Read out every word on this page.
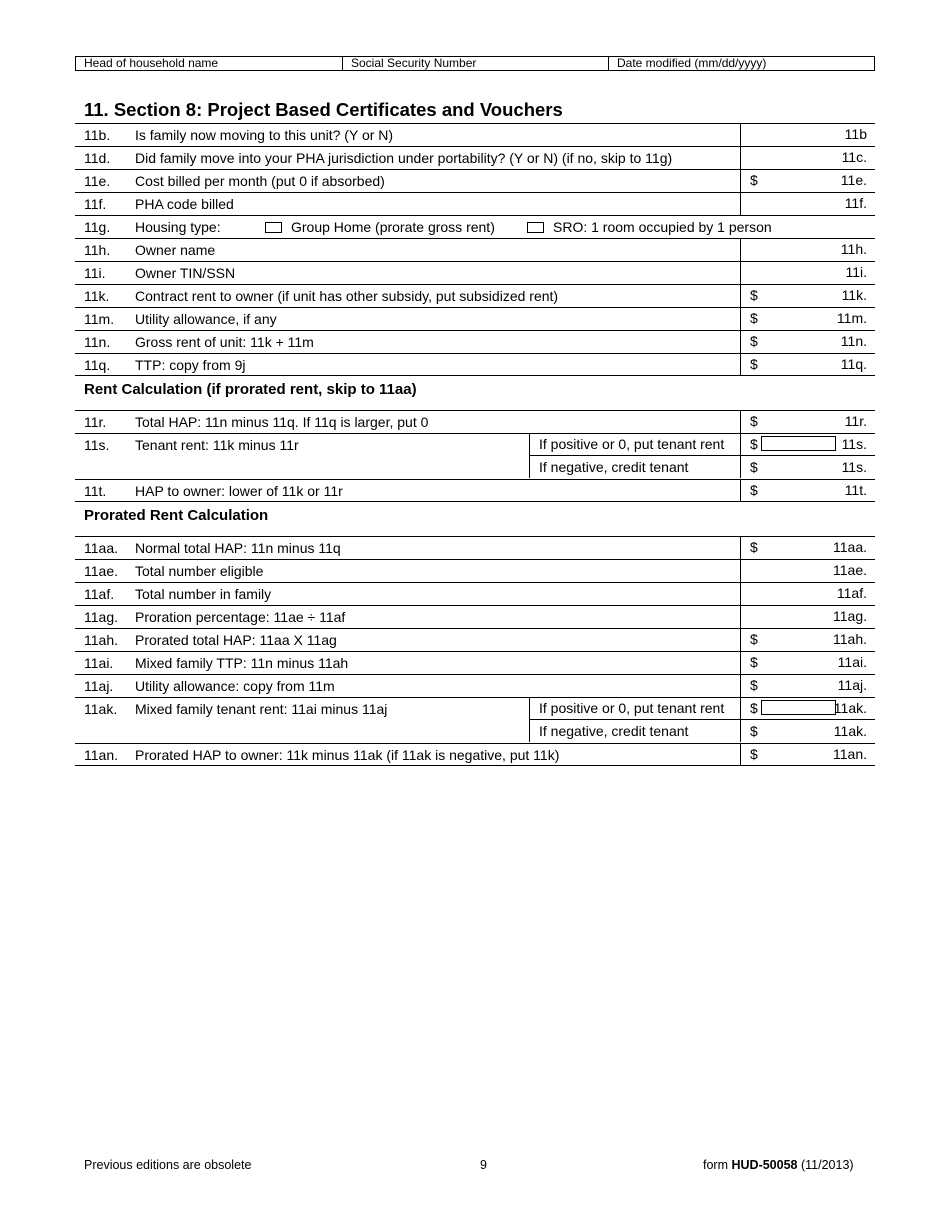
Head of household name	Social Security Number	Date modified (mm/dd/yyyy)
11. Section 8: Project Based Certificates and Vouchers
11b. Is family now moving to this unit? (Y or N)	11b
11d. Did family move into your PHA jurisdiction under portability? (Y or N) (if no, skip to 11g)	11c.
11e. Cost billed per month (put 0 if absorbed)	$	11e.
11f. PHA code billed	11f.
11g. Housing type:	Group Home (prorate gross rent)	SRO: 1 room occupied by 1 person
11h. Owner name	11h.
11i. Owner TIN/SSN	11i.
11k. Contract rent to owner (if unit has other subsidy, put subsidized rent)	$	11k.
11m. Utility allowance, if any	$	11m.
11n. Gross rent of unit: 11k + 11m	$	11n.
11q. TTP: copy from 9j	$	11q.
Rent Calculation (if prorated rent, skip to 11aa)
11r. Total HAP: 11n minus 11q. If 11q is larger, put 0	$	11r.
11s. Tenant rent: 11k minus 11r	If positive or 0, put tenant rent	$	11s.
If negative, credit tenant	$	11s.
11t. HAP to owner: lower of 11k or 11r	$	11t.
Prorated Rent Calculation
11aa. Normal total HAP: 11n minus 11q	$	11aa.
11ae. Total number eligible	11ae.
11af. Total number in family	11af.
11ag. Proration percentage: 11ae ÷ 11af	11ag.
11ah. Prorated total HAP: 11aa X 11ag	$	11ah.
11ai. Mixed family TTP: 11n minus 11ah	$	11ai.
11aj. Utility allowance: copy from 11m	$	11aj.
11ak. Mixed family tenant rent: 11ai minus 11aj	If positive or 0, put tenant rent	$	11ak.
If negative, credit tenant	$	11ak.
11an. Prorated HAP to owner: 11k minus 11ak (if 11ak is negative, put 11k)	$	11an.
Previous editions are obsolete	9	form HUD-50058 (11/2013)
